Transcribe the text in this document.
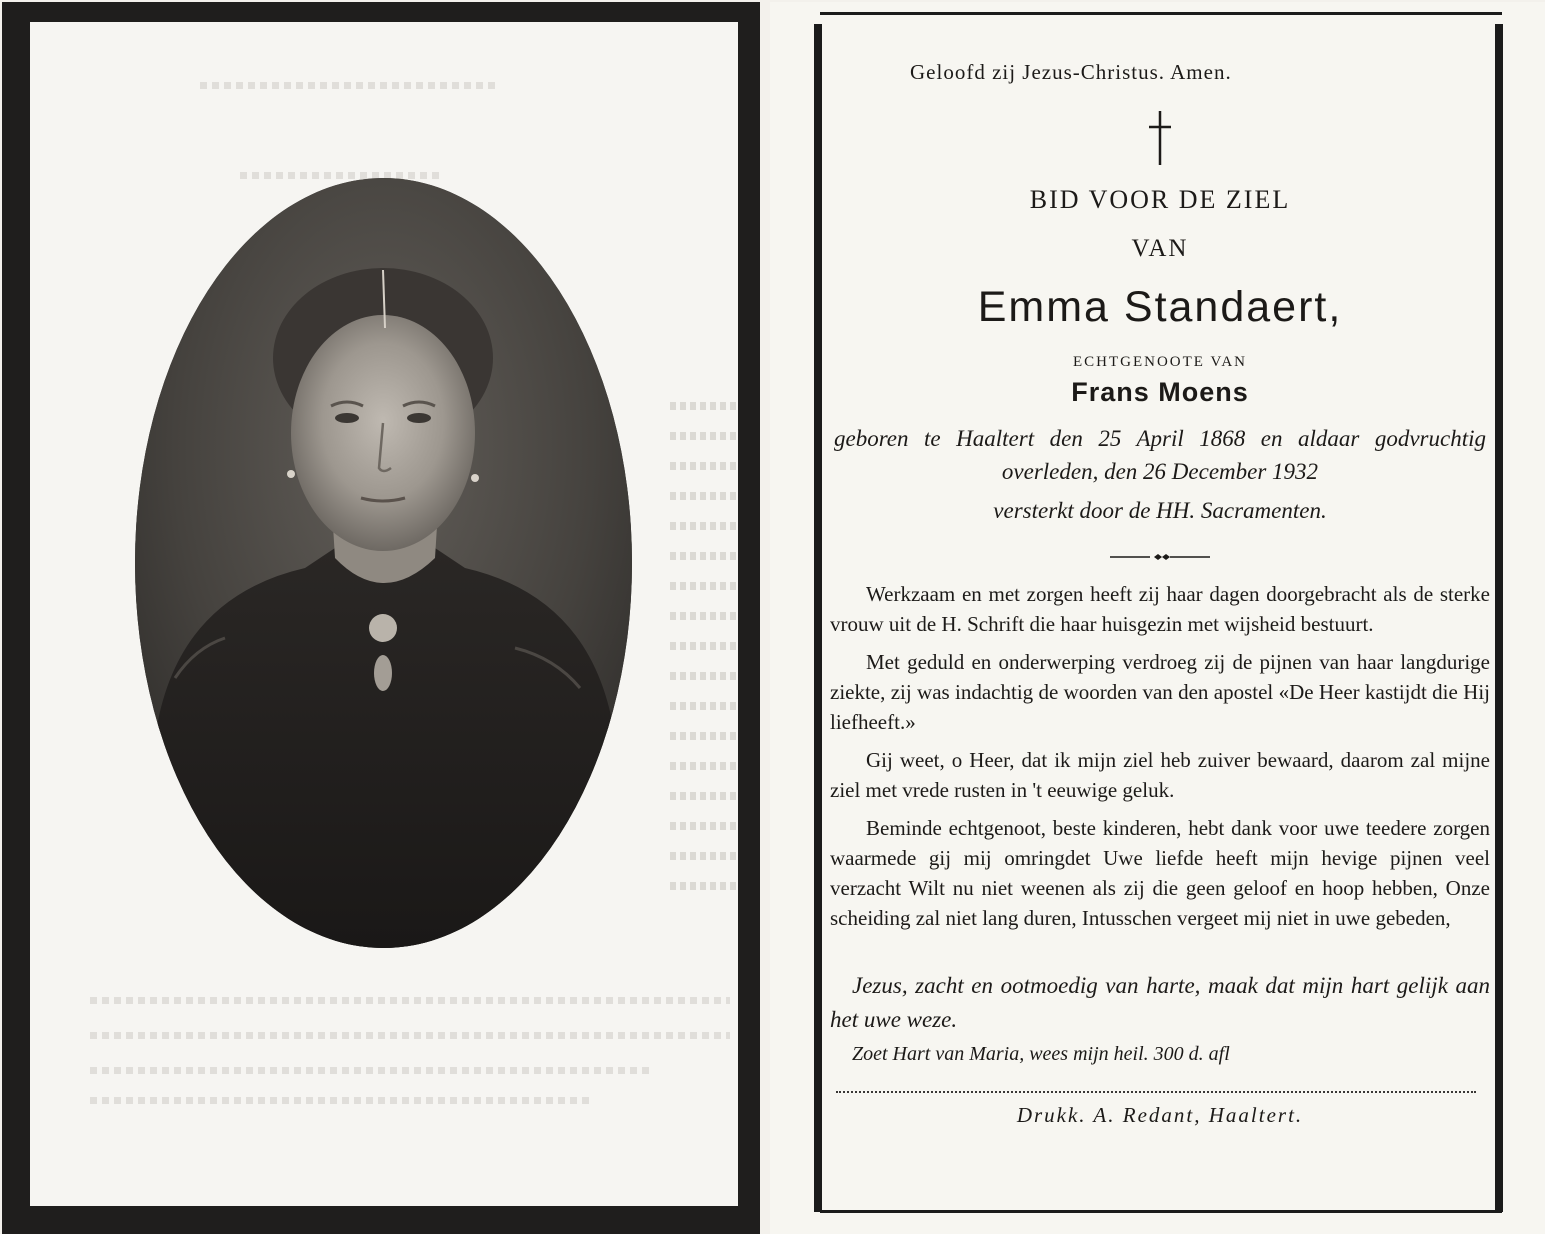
Geloofd zij Jezus-Christus. Amen.
BID VOOR DE ZIEL
VAN
Emma Standaert,
ECHTGENOOTE VAN
Frans Moens
geboren te Haaltert den 25 April 1868 en aldaar godvruchtig overleden, den 26 December 1932
versterkt door de HH. Sacramenten.

Werkzaam en met zorgen heeft zij haar dagen doorgebracht als de sterke vrouw uit de H. Schrift die haar huisgezin met wijsheid bestuurt.

Met geduld en onderwerping verdroeg zij de pijnen van haar langdurige ziekte, zij was indachtig de woorden van den apostel «De Heer kastijdt die Hij liefheeft.»

Gij weet, o Heer, dat ik mijn ziel heb zuiver bewaard, daarom zal mijne ziel met vrede rusten in 't eeuwige geluk.

Beminde echtgenoot, beste kinderen, hebt dank voor uwe teedere zorgen waarmede gij mij omringdet Uwe liefde heeft mijn hevige pijnen veel verzacht Wilt nu niet weenen als zij die geen geloof en hoop hebben, Onze scheiding zal niet lang duren, Intusschen vergeet mij niet in uwe gebeden,

Jezus, zacht en ootmoedig van harte, maak dat mijn hart gelijk aan het uwe weze.
Zoet Hart van Maria, wees mijn heil. 300 d. afl
Drukk. A. Redant, Haaltert.
